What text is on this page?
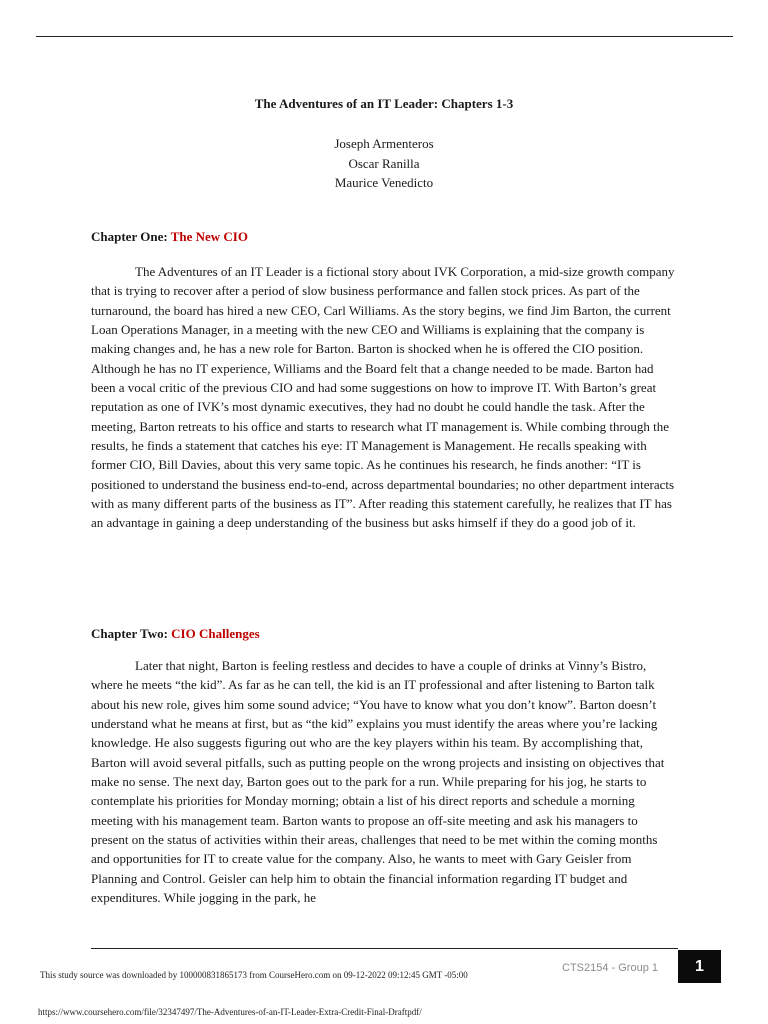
The Adventures of an IT Leader: Chapters 1-3
Joseph Armenteros
Oscar Ranilla
Maurice Venedicto
Chapter One: The New CIO

The Adventures of an IT Leader is a fictional story about IVK Corporation, a mid-size growth company that is trying to recover after a period of slow business performance and fallen stock prices. As part of the turnaround, the board has hired a new CEO, Carl Williams. As the story begins, we find Jim Barton, the current Loan Operations Manager, in a meeting with the new CEO and Williams is explaining that the company is making changes and, he has a new role for Barton. Barton is shocked when he is offered the CIO position. Although he has no IT experience, Williams and the Board felt that a change needed to be made. Barton had been a vocal critic of the previous CIO and had some suggestions on how to improve IT. With Barton’s great reputation as one of IVK’s most dynamic executives, they had no doubt he could handle the task. After the meeting, Barton retreats to his office and starts to research what IT management is. While combing through the results, he finds a statement that catches his eye: IT Management is Management. He recalls speaking with former CIO, Bill Davies, about this very same topic. As he continues his research, he finds another: “IT is positioned to understand the business end-to-end, across departmental boundaries; no other department interacts with as many different parts of the business as IT”. After reading this statement carefully, he realizes that IT has an advantage in gaining a deep understanding of the business but asks himself if they do a good job of it.

Chapter Two: CIO Challenges

Later that night, Barton is feeling restless and decides to have a couple of drinks at Vinny’s Bistro, where he meets “the kid”. As far as he can tell, the kid is an IT professional and after listening to Barton talk about his new role, gives him some sound advice; “You have to know what you don’t know”. Barton doesn’t understand what he means at first, but as “the kid” explains you must identify the areas where you’re lacking knowledge. He also suggests figuring out who are the key players within his team. By accomplishing that, Barton will avoid several pitfalls, such as putting people on the wrong projects and insisting on objectives that make no sense. The next day, Barton goes out to the park for a run. While preparing for his jog, he starts to contemplate his priorities for Monday morning; obtain a list of his direct reports and schedule a morning meeting with his management team. Barton wants to propose an off-site meeting and ask his managers to present on the status of activities within their areas, challenges that need to be met within the coming months and opportunities for IT to create value for the company. Also, he wants to meet with Gary Geisler from Planning and Control. Geisler can help him to obtain the financial information regarding IT budget and expenditures. While jogging in the park, he

CTS2154 - Group 1	1
This study source was downloaded by 100000831865173 from CourseHero.com on 09-12-2022 09:12:45 GMT -05:00
https://www.coursehero.com/file/32347497/The-Adventures-of-an-IT-Leader-Extra-Credit-Final-Draftpdf/
